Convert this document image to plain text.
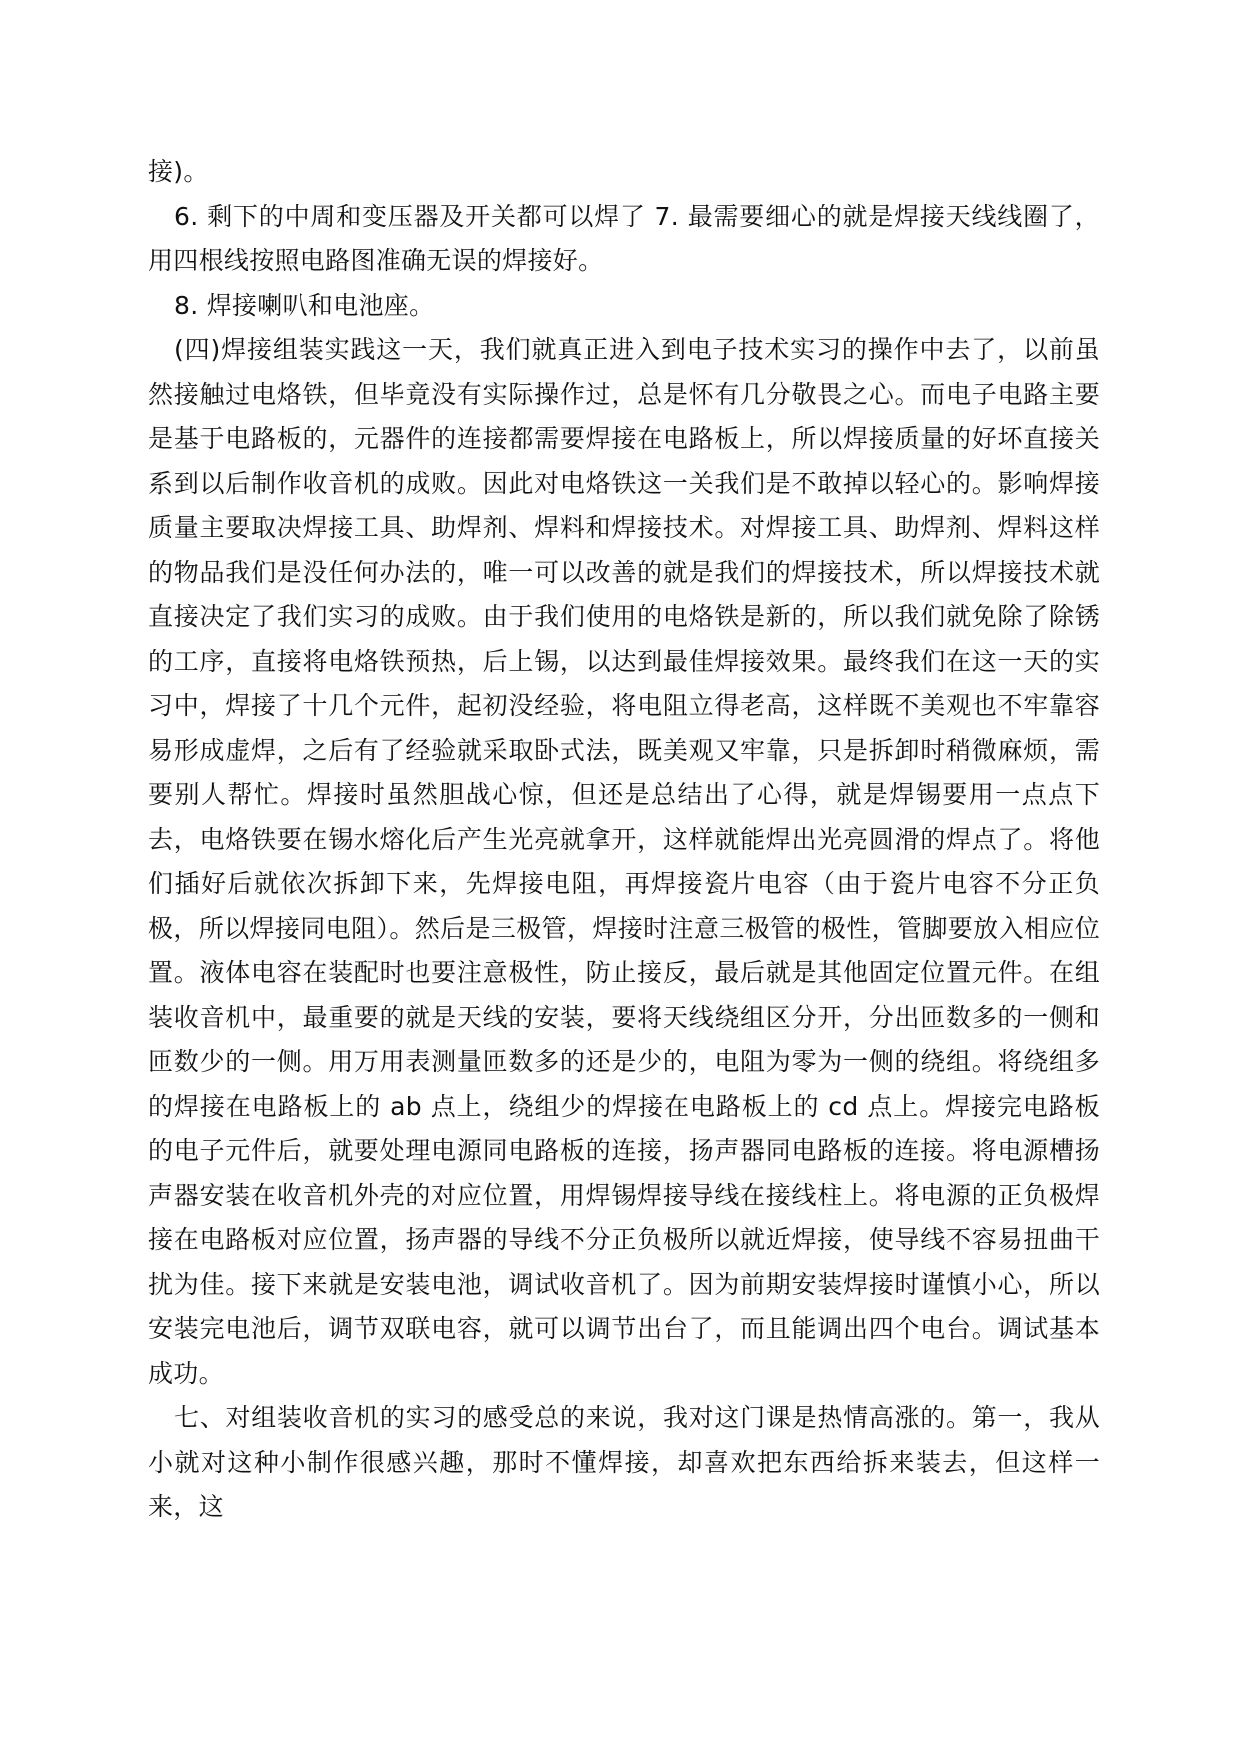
接)。

6. 剩下的中周和变压器及开关都可以焊了 7. 最需要细心的就是焊接天线线圈了，用四根线按照电路图准确无误的焊接好。

8. 焊接喇叭和电池座。

(四)焊接组装实践这一天，我们就真正进入到电子技术实习的操作中去了，以前虽然接触过电烙铁，但毕竟没有实际操作过，总是怀有几分敬畏之心。而电子电路主要是基于电路板的，元器件的连接都需要焊接在电路板上，所以焊接质量的好坏直接关系到以后制作收音机的成败。因此对电烙铁这一关我们是不敢掉以轻心的。影响焊接质量主要取决焊接工具、助焊剂、焊料和焊接技术。对焊接工具、助焊剂、焊料这样的物品我们是没任何办法的，唯一可以改善的就是我们的焊接技术，所以焊接技术就直接决定了我们实习的成败。由于我们使用的电烙铁是新的，所以我们就免除了除锈的工序，直接将电烙铁预热，后上锡，以达到最佳焊接效果。最终我们在这一天的实习中，焊接了十几个元件，起初没经验，将电阻立得老高，这样既不美观也不牢靠容易形成虚焊，之后有了经验就采取卧式法，既美观又牢靠，只是拆卸时稍微麻烦，需要别人帮忙。焊接时虽然胆战心惊，但还是总结出了心得，就是焊锡要用一点点下去，电烙铁要在锡水熔化后产生光亮就拿开，这样就能焊出光亮圆滑的焊点了。将他们插好后就依次拆卸下来，先焊接电阻，再焊接瓷片电容（由于瓷片电容不分正负极，所以焊接同电阻）。然后是三极管，焊接时注意三极管的极性，管脚要放入相应位置。液体电容在装配时也要注意极性，防止接反，最后就是其他固定位置元件。在组装收音机中，最重要的就是天线的安装，要将天线绕组区分开，分出匝数多的一侧和匝数少的一侧。用万用表测量匝数多的还是少的，电阻为零为一侧的绕组。将绕组多的焊接在电路板上的 ab 点上，绕组少的焊接在电路板上的 cd 点上。焊接完电路板的电子元件后，就要处理电源同电路板的连接，扬声器同电路板的连接。将电源槽扬声器安装在收音机外壳的对应位置，用焊锡焊接导线在接线柱上。将电源的正负极焊接在电路板对应位置，扬声器的导线不分正负极所以就近焊接，使导线不容易扭曲干扰为佳。接下来就是安装电池，调试收音机了。因为前期安装焊接时谨慎小心，所以安装完电池后，调节双联电容，就可以调节出台了，而且能调出四个电台。调试基本成功。

七、对组装收音机的实习的感受总的来说，我对这门课是热情高涨的。第一，我从小就对这种小制作很感兴趣，那时不懂焊接，却喜欢把东西给拆来装去，但这样一来，这
